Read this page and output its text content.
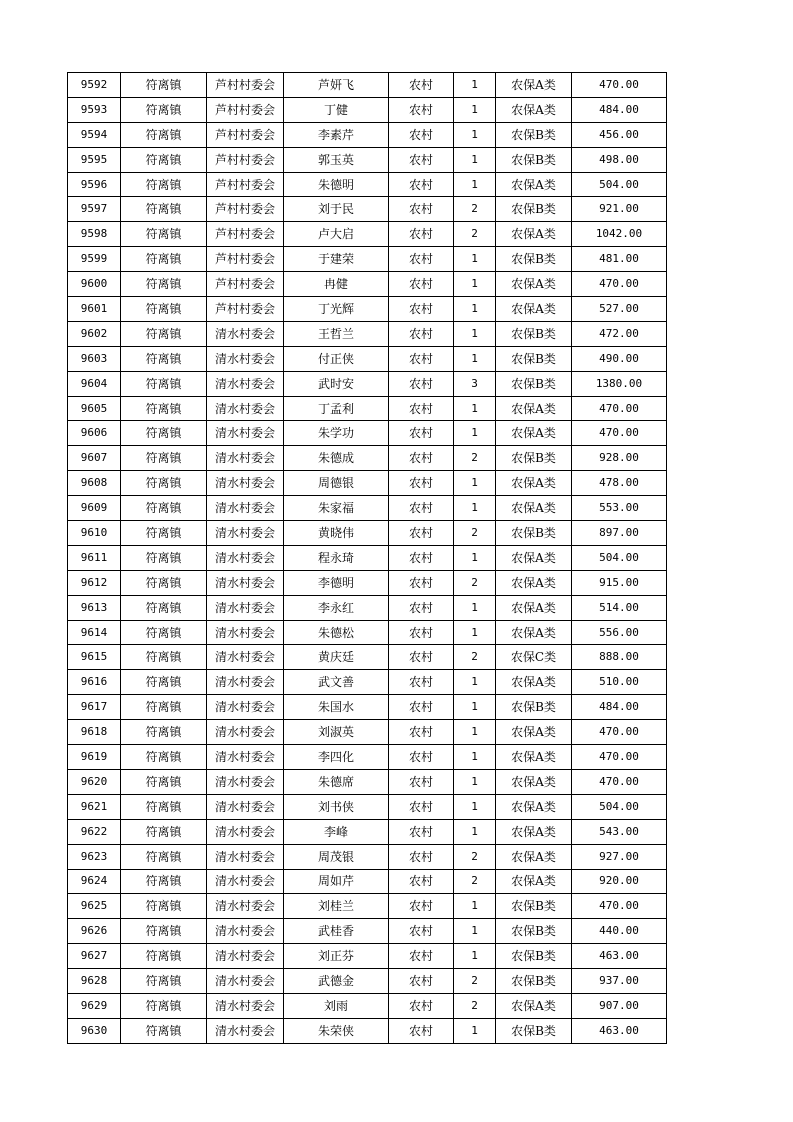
9592	符离镇	芦村村委会	芦妍飞	农村	1	农保A类	470.00
9593	符离镇	芦村村委会	丁健	农村	1	农保A类	484.00
9594	符离镇	芦村村委会	李素芹	农村	1	农保B类	456.00
9595	符离镇	芦村村委会	郭玉英	农村	1	农保B类	498.00
9596	符离镇	芦村村委会	朱德明	农村	1	农保A类	504.00
9597	符离镇	芦村村委会	刘于民	农村	2	农保B类	921.00
9598	符离镇	芦村村委会	卢大启	农村	2	农保A类	1042.00
9599	符离镇	芦村村委会	于建荣	农村	1	农保B类	481.00
9600	符离镇	芦村村委会	冉健	农村	1	农保A类	470.00
9601	符离镇	芦村村委会	丁光辉	农村	1	农保A类	527.00
9602	符离镇	清水村委会	王哲兰	农村	1	农保B类	472.00
9603	符离镇	清水村委会	付正侠	农村	1	农保B类	490.00
9604	符离镇	清水村委会	武时安	农村	3	农保B类	1380.00
9605	符离镇	清水村委会	丁孟利	农村	1	农保A类	470.00
9606	符离镇	清水村委会	朱学功	农村	1	农保A类	470.00
9607	符离镇	清水村委会	朱德成	农村	2	农保B类	928.00
9608	符离镇	清水村委会	周德银	农村	1	农保A类	478.00
9609	符离镇	清水村委会	朱家福	农村	1	农保A类	553.00
9610	符离镇	清水村委会	黄晓伟	农村	2	农保B类	897.00
9611	符离镇	清水村委会	程永琦	农村	1	农保A类	504.00
9612	符离镇	清水村委会	李德明	农村	2	农保A类	915.00
9613	符离镇	清水村委会	李永红	农村	1	农保A类	514.00
9614	符离镇	清水村委会	朱德松	农村	1	农保A类	556.00
9615	符离镇	清水村委会	黄庆廷	农村	2	农保C类	888.00
9616	符离镇	清水村委会	武文善	农村	1	农保A类	510.00
9617	符离镇	清水村委会	朱国水	农村	1	农保B类	484.00
9618	符离镇	清水村委会	刘淑英	农村	1	农保A类	470.00
9619	符离镇	清水村委会	李四化	农村	1	农保A类	470.00
9620	符离镇	清水村委会	朱德席	农村	1	农保A类	470.00
9621	符离镇	清水村委会	刘书侠	农村	1	农保A类	504.00
9622	符离镇	清水村委会	李峰	农村	1	农保A类	543.00
9623	符离镇	清水村委会	周茂银	农村	2	农保A类	927.00
9624	符离镇	清水村委会	周如芹	农村	2	农保A类	920.00
9625	符离镇	清水村委会	刘桂兰	农村	1	农保B类	470.00
9626	符离镇	清水村委会	武桂香	农村	1	农保B类	440.00
9627	符离镇	清水村委会	刘正芬	农村	1	农保B类	463.00
9628	符离镇	清水村委会	武德金	农村	2	农保B类	937.00
9629	符离镇	清水村委会	刘雨	农村	2	农保A类	907.00
9630	符离镇	清水村委会	朱荣侠	农村	1	农保B类	463.00
